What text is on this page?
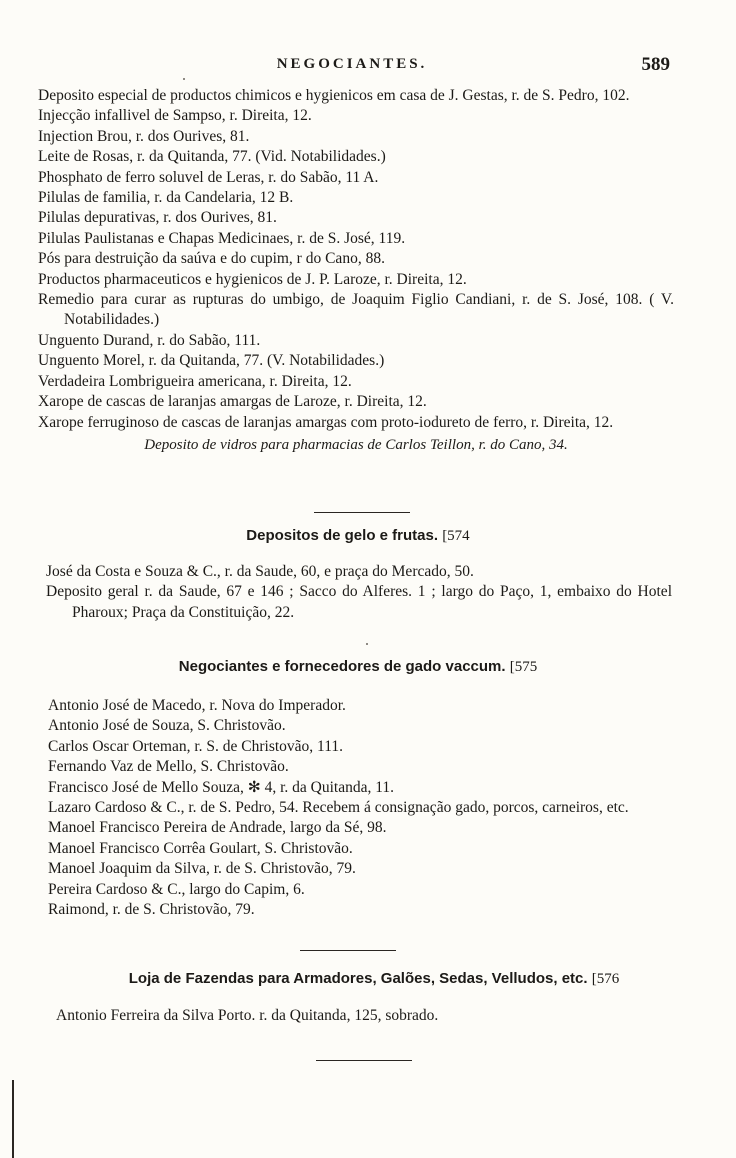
NEGOCIANTES.	589
Deposito especial de productos chimicos e hygienicos em casa de J. Gestas, r. de S. Pedro, 102.
Injecção infallivel de Sampso, r. Direita, 12.
Injection Brou, r. dos Ourives, 81.
Leite de Rosas, r. da Quitanda, 77. (Vid. Notabilidades.)
Phosphato de ferro soluvel de Leras, r. do Sabão, 11 A.
Pilulas de familia, r. da Candelaria, 12 B.
Pilulas depurativas, r. dos Ourives, 81.
Pilulas Paulistanas e Chapas Medicinaes, r. de S. José, 119.
Pós para destruição da saúva e do cupim, r do Cano, 88.
Productos pharmaceuticos e hygienicos de J. P. Laroze, r. Direita, 12.
Remedio para curar as rupturas do umbigo, de Joaquim Figlio Candiani, r. de S. José, 108. ( V. Notabilidades.)
Unguento Durand, r. do Sabão, 111.
Unguento Morel, r. da Quitanda, 77. (V. Notabilidades.)
Verdadeira Lombrigueira americana, r. Direita, 12.
Xarope de cascas de laranjas amargas de Laroze, r. Direita, 12.
Xarope ferruginoso de cascas de laranjas amargas com proto-iodureto de ferro, r. Direita, 12.
Deposito de vidros para pharmacias de Carlos Teillon, r. do Cano, 34.
Depositos de gelo e frutas. [574
José da Costa e Souza & C., r. da Saude, 60, e praça do Mercado, 50.
Deposito geral r. da Saude, 67 e 146 ; Sacco do Alferes. 1 ; largo do Paço, 1, embaixo do Hotel Pharoux; Praça da Constituição, 22.
Negociantes e fornecedores de gado vaccum. [575
Antonio José de Macedo, r. Nova do Imperador.
Antonio José de Souza, S. Christovão.
Carlos Oscar Orteman, r. S. de Christovão, 111.
Fernando Vaz de Mello, S. Christovão.
Francisco José de Mello Souza, ✻ 4, r. da Quitanda, 11.
Lazaro Cardoso & C., r. de S. Pedro, 54. Recebem á consignação gado, porcos, carneiros, etc.
Manoel Francisco Pereira de Andrade, largo da Sé, 98.
Manoel Francisco Corrêa Goulart, S. Christovão.
Manoel Joaquim da Silva, r. de S. Christovão, 79.
Pereira Cardoso & C., largo do Capim, 6.
Raimond, r. de S. Christovão, 79.
Loja de Fazendas para Armadores, Galões, Sedas, Velludos, etc. [576
Antonio Ferreira da Silva Porto. r. da Quitanda, 125, sobrado.
